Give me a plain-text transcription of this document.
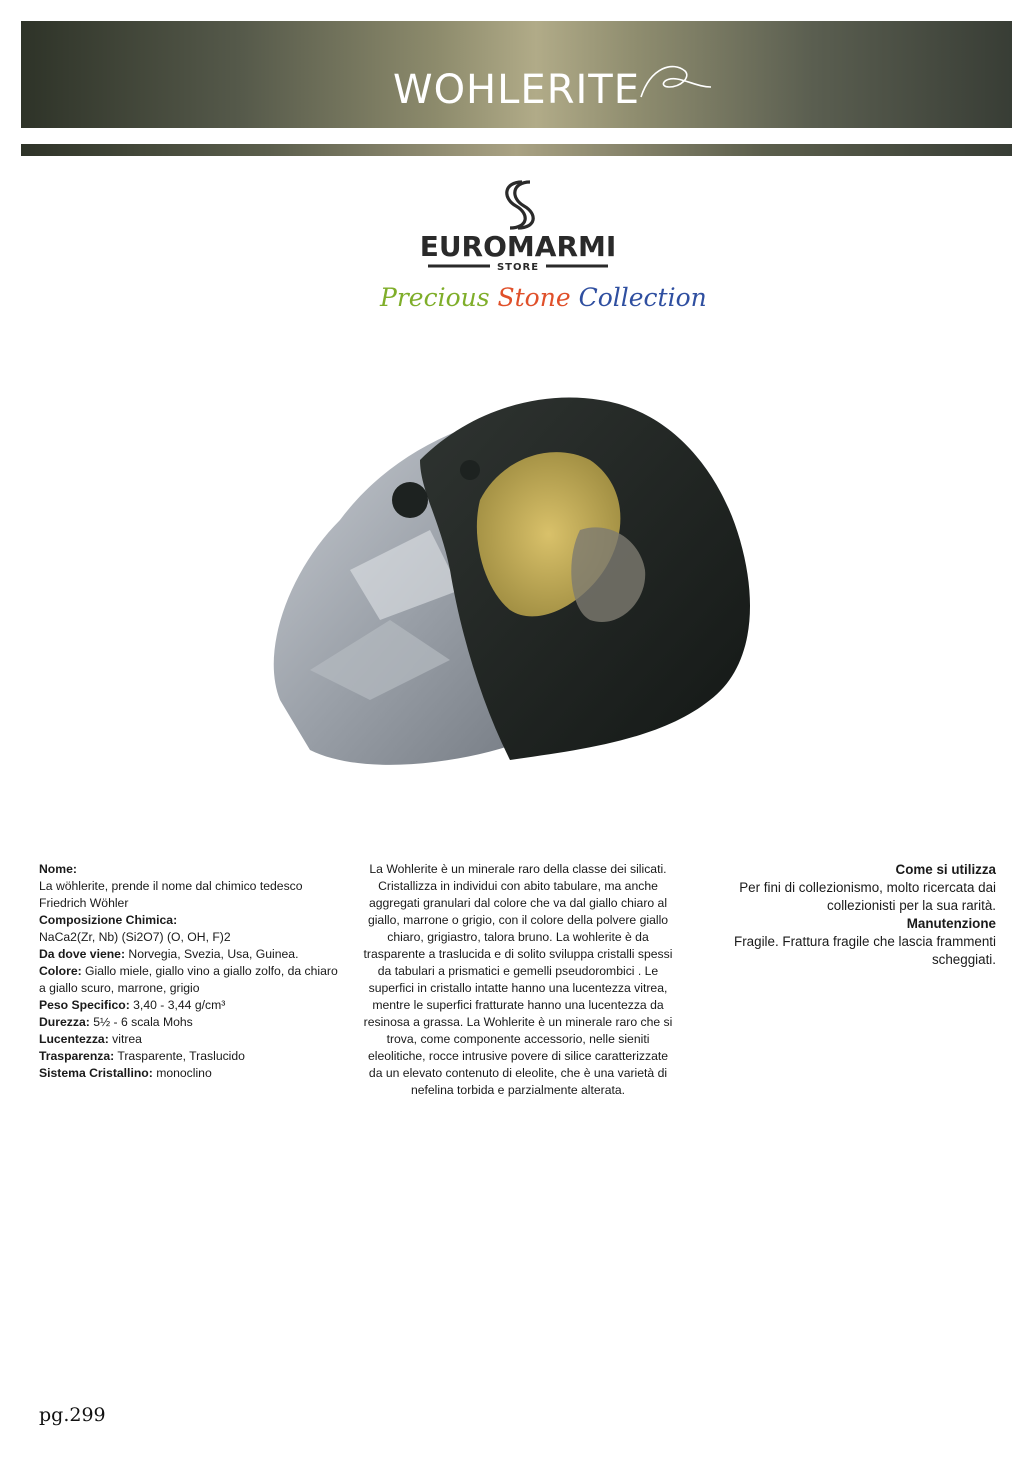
WOHLERITE
EUROMARMI
STORE
Precious Stone Collection

Nome:

La wöhlerite, prende il nome dal chimico tedesco Friedrich Wöhler

Composizione Chimica:

NaCa2(Zr, Nb) (Si2O7) (O, OH, F)2

Da dove viene: Norvegia, Svezia, Usa, Guinea.

Colore: Giallo miele, giallo vino a giallo zolfo, da chiaro a giallo scuro, marrone, grigio

Peso Specifico: 3,40 - 3,44 g/cm³

Durezza: 5½ - 6 scala Mohs

Lucentezza: vitrea

Trasparenza: Trasparente, Traslucido

Sistema Cristallino: monoclino

La Wohlerite è un minerale raro della classe dei silicati. Cristallizza in individui con abito tabulare, ma anche aggregati granulari dal colore che va dal giallo chiaro al giallo, marrone o grigio, con il colore della polvere giallo chiaro, grigiastro, talora bruno. La wohlerite è da trasparente a traslucida e di solito sviluppa cristalli spessi da tabulari a prismatici e gemelli pseudorombici . Le superfici in cristallo intatte hanno una lucentezza vitrea, mentre le superfici fratturate hanno una lucentezza da resinosa a grassa. La Wohlerite è un minerale raro che si trova, come componente accessorio, nelle sieniti eleolitiche, rocce intrusive povere di silice caratterizzate da un elevato contenuto di eleolite, che è una varietà di nefelina torbida e parzialmente alterata.

Come si utilizza

Per fini di collezionismo, molto ricercata dai collezionisti per la sua rarità.

Manutenzione

Fragile. Frattura fragile che lascia frammenti scheggiati.

pg.299
